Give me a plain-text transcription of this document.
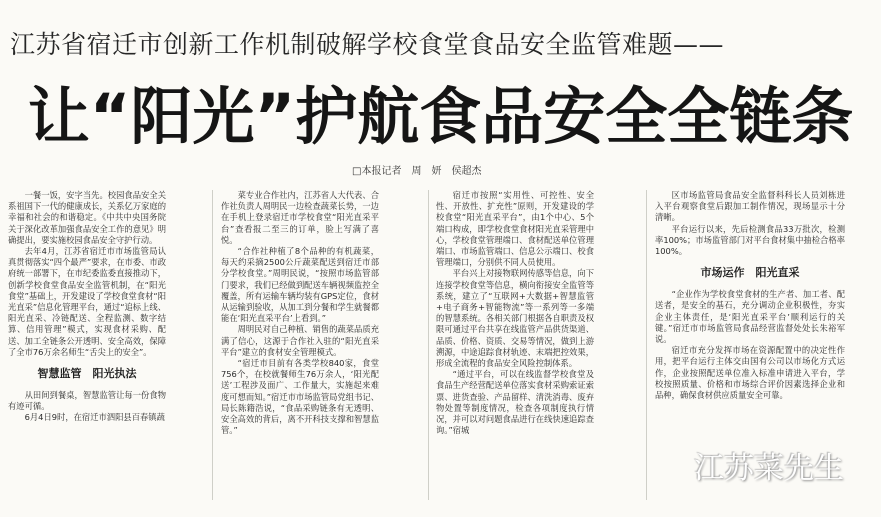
江苏省宿迁市创新工作机制破解学校食堂食品安全监管难题——
让“阳光”护航食品安全全链条
□本报记者　周　妍　侯超杰

一餐一饭，安字当先。校园食品安全关系祖国下一代的健康成长，关系亿万家庭的幸福和社会的和谐稳定。《中共中央国务院关于深化改革加强食品安全工作的意见》明确提出，要实施校园食品安全守护行动。

去年4月，江苏省宿迁市市场监管局认真贯彻落实“四个最严”要求，在市委、市政府统一部署下，在市纪委监委直接推动下，创新学校食堂食品安全监管机制，在“阳光食堂”基础上，开发建设了学校食堂食材“阳光直采”信息化管理平台，通过“追标上线、阳光直采、冷链配送、全程监测、数字结算、信用管理”模式，实现食材采购、配送、加工全链条公开透明、安全高效，保障了全市76万余名师生“舌尖上的安全”。

智慧监管　阳光执法

从田间到餐桌，智慧监管让每一份食物有迹可循。

6月4日9时，在宿迁市泗阳县百春镇蔬

菜专业合作社内，江苏省人大代表、合作社负责人周明民一边检查蔬菜长势，一边在手机上登录宿迁市学校食堂“阳光直采平台”查看报二至三的订单，脸上写满了喜悦。

“合作社种植了8个品种的有机蔬菜，每天约采摘2500公斤蔬菜配送到宿迁市部分学校食堂。”周明民说，“按照市场监管部门要求，我们已经做到配送车辆视频监控全覆盖，所有运输车辆均装有GPS定位，食材从运输到验收，从加工到分餐和学生就餐都能在‘阳光直采平台’上看到。”

周明民对自己种植、销售的蔬菜品质充满了信心，这源于合作社入驻的“阳光直采平台”建立的食材安全管理模式。

“宿迁市目前有各类学校840家，食堂756个，在校就餐师生76万余人，‘阳光配送’工程涉及面广、工作量大，实施起来难度可想而知。”宿迁市市场监管局党组书记、局长陈籍浩说，“食品采购链条有无透明、安全高效的背后，离不开科技支撑和智慧监管。”

宿迁市按照“实用性、可控性、安全性、开放性、扩充性”原则，开发建设的学校食堂“阳光直采平台”，由1个中心、5个端口构成，即学校食堂食材阳光直采管理中心，学校食堂管理端口、食材配送单位管理端口、市场监管端口、信息公示端口、校食管理端口，分别供不同人员使用。

平台兴上对接物联网传感等信息，向下连接学校食堂等信息，横向衔接安全监管等系统，建立了“互联网+大数据+智慧监管+电子商务+智能物流”等一系列等一多端的智慧系统。各相关部门根据各自职责及权限可通过平台共享在线监管产品供货渠道、品质、价格、资质、交易等情况，做到上游溯源，中途追踪食材轨迹、末端把控效果，形成全流程的食品安全风险控制体系。

“通过平台，可以在线监督学校食堂及食品生产经营配送单位落实食材采购索证索票、进货查验、产品留样、清洗消毒、废弃物处置等制度情况，检查各项制度执行情况，并可以对问题食品进行在线快速追踪查询。”宿城

区市场监管局食品安全监督科科长人员刘栋进入平台观察食堂后跟加工制作情况，现场显示十分清晰。

平台运行以来，先后检测食品33万批次，检测率100%；市场监管部门对平台食材集中抽检合格率100%。

市场运作　阳光直采

“企业作为学校食堂食材的生产者、加工者、配送者，是安全的基石，充分调动企业积极性，夯实企业主体责任，是‘阳光直采平台’顺利运行的关键。”宿迁市市场监管局食品经营监督处处长朱裕军说。

宿迁市充分发挥市场在资源配置中的决定性作用，把平台运行主体交由国有公司以市场化方式运作，企业按照配送单位准入标准申请进入平台，学校按照质量、价格和市场综合评价因素选择企业和品种，确保食材供应质量安全可靠。

江苏菜先生
